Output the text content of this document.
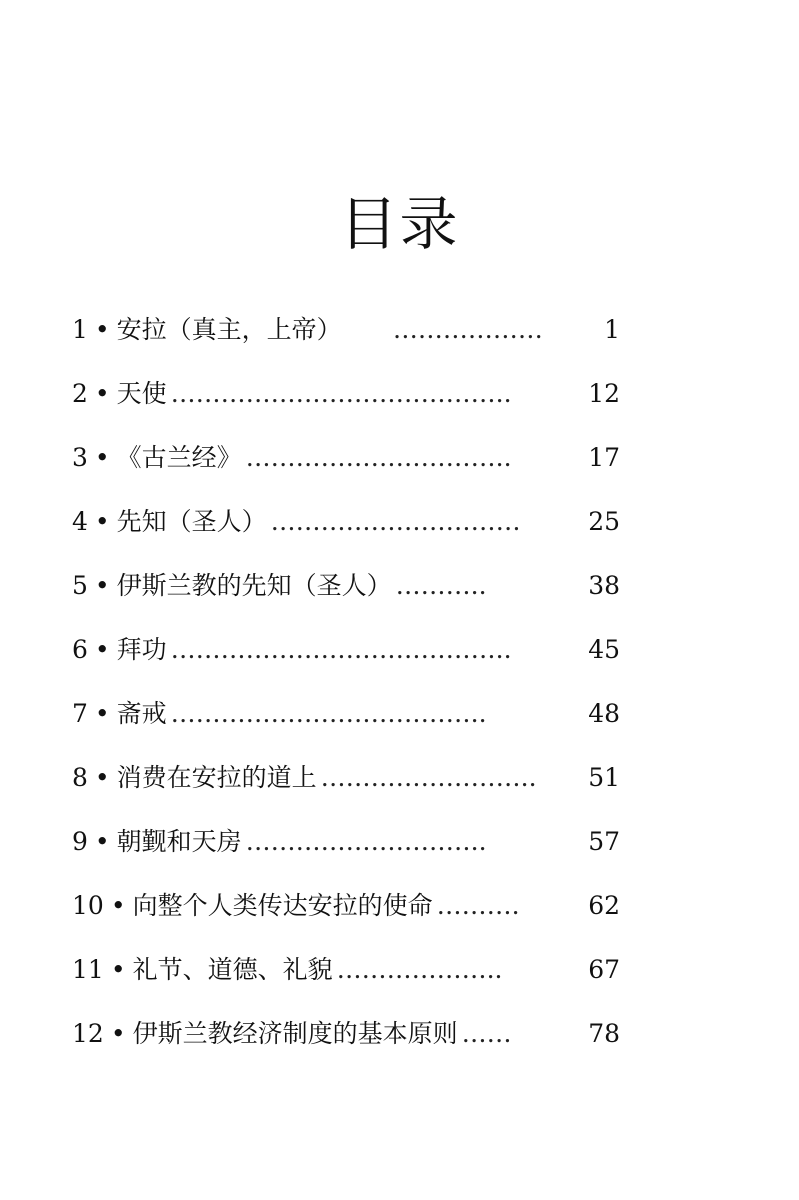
目录
1 • 安拉（真主，上帝）	………………	1
2 • 天使 …………………………………..	12
3 • 《古兰经》 …………………………..	17
4 • 先知（圣人） …………………………	25
5 • 伊斯兰教的先知（圣人） ………..	38
6 • 拜功 …………………………………..	45
7 • 斋戒 ………………………………..	48
8 • 消费在安拉的道上 ……………………..	51
9 • 朝觐和天房 ………………………..	57
10 • 向整个人类传达安拉的使命 ……….	62
11 • 礼节、道德、礼貌 ………………..	67
12 • 伊斯兰教经济制度的基本原则 ……	78
